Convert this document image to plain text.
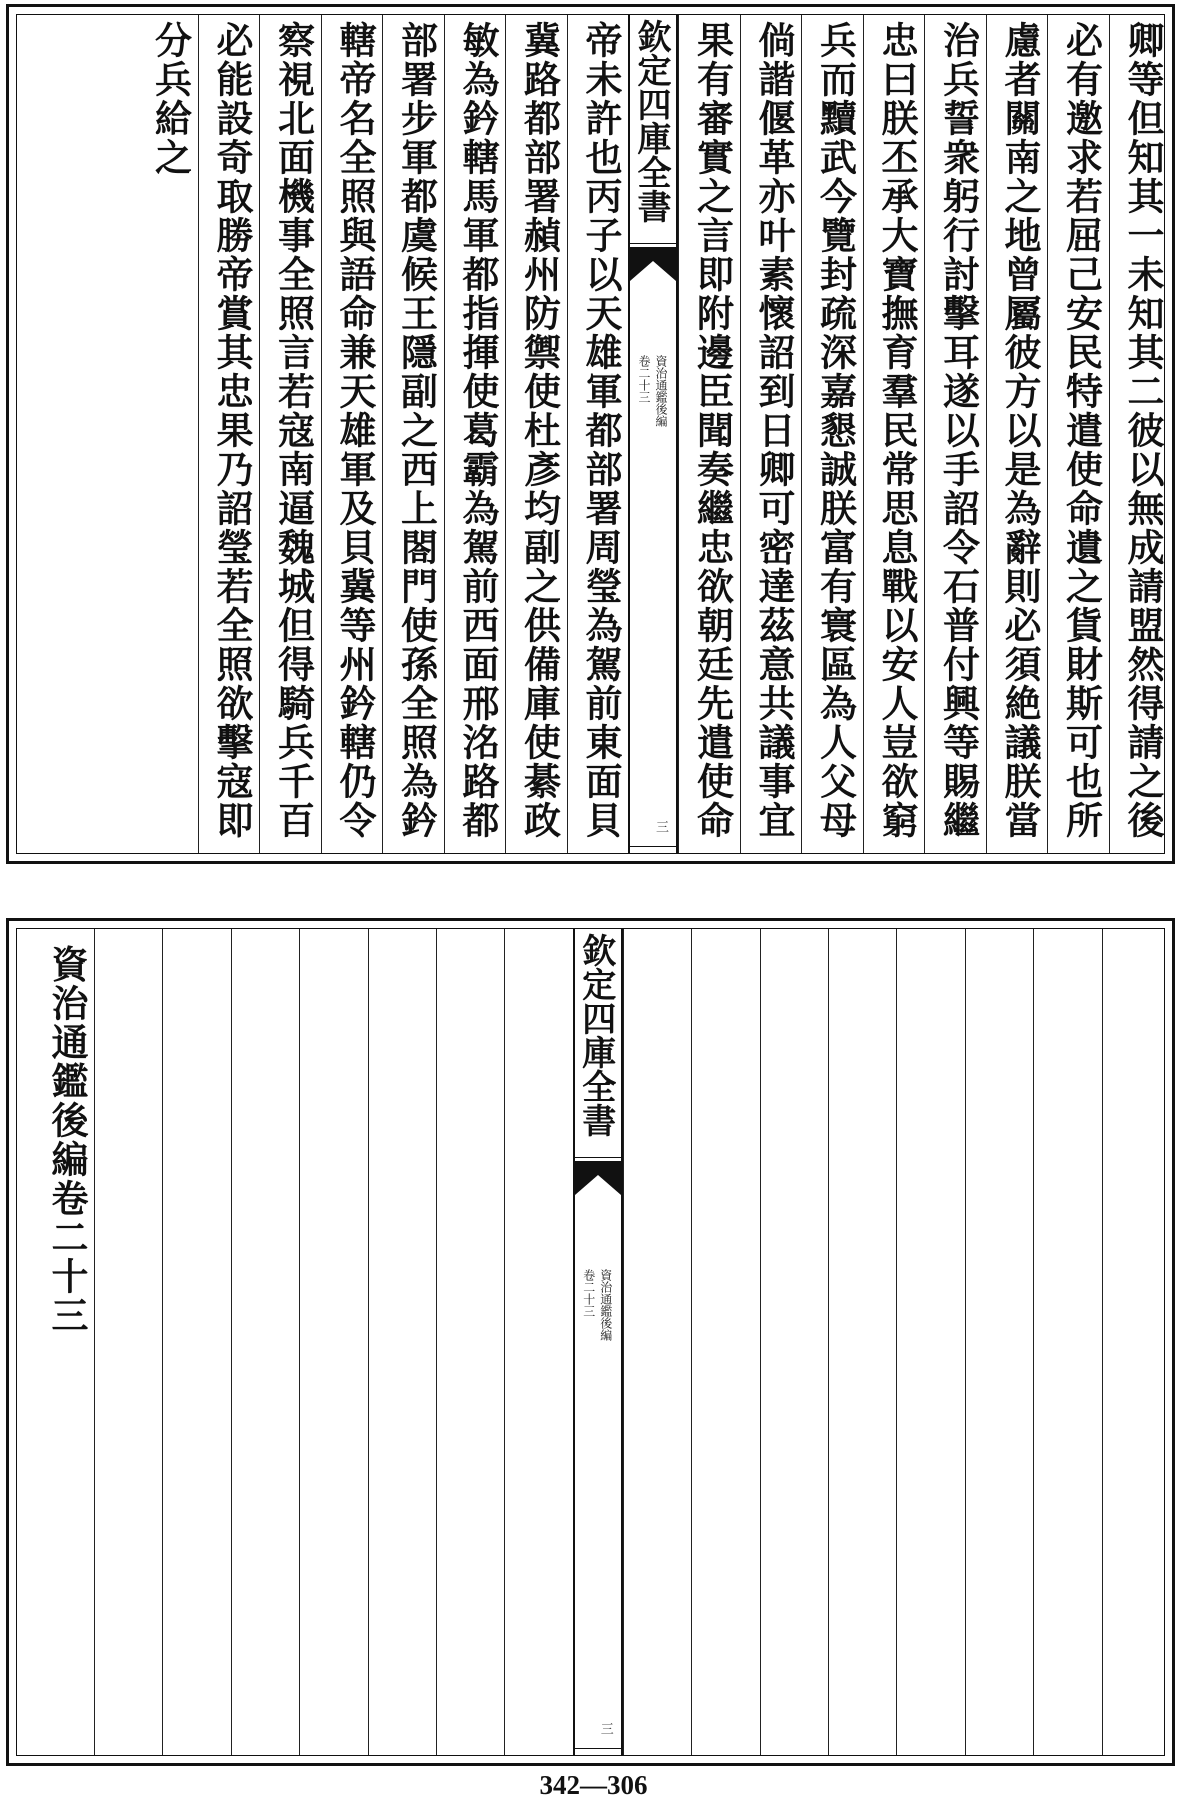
卿等但知其一未知其二彼以無成請盟然得請之後
必有邀求若屈己安民特遣使命遺之貨財斯可也所
慮者關南之地曾屬彼方以是為辭則必須絶議朕當
治兵誓衆躬行討擊耳遂以手詔令石普付興等賜繼
忠曰朕丕承大寶撫育羣民常思息戰以安人豈欲窮
兵而黷武今覽封疏深嘉懇誠朕富有寰區為人父母
倘諧偃革亦叶素懷詔到日卿可密達茲意共議事宜
果有審實之言即附邊臣聞奏繼忠欲朝廷先遣使命
欽定四庫全書
資治通鑑後編
卷二十三
三
帝未許也丙子以天雄軍都部署周瑩為駕前東面貝
冀路都部署赬州防禦使杜彥均副之供備庫使綦政
敏為鈐轄馬軍都指揮使葛霸為駕前西面邢洺路都
部署步軍都虞候王隱副之西上閤門使孫全照為鈐
轄帝名全照與語命兼天雄軍及貝冀等州鈐轄仍令
察視北面機事全照言若寇南逼魏城但得騎兵千百
必能設奇取勝帝賞其忠果乃詔瑩若全照欲擊寇即
分兵給之
欽定四庫全書
資治通鑑後編
卷二十三
三
資治通鑑後編卷二十三
342—306
